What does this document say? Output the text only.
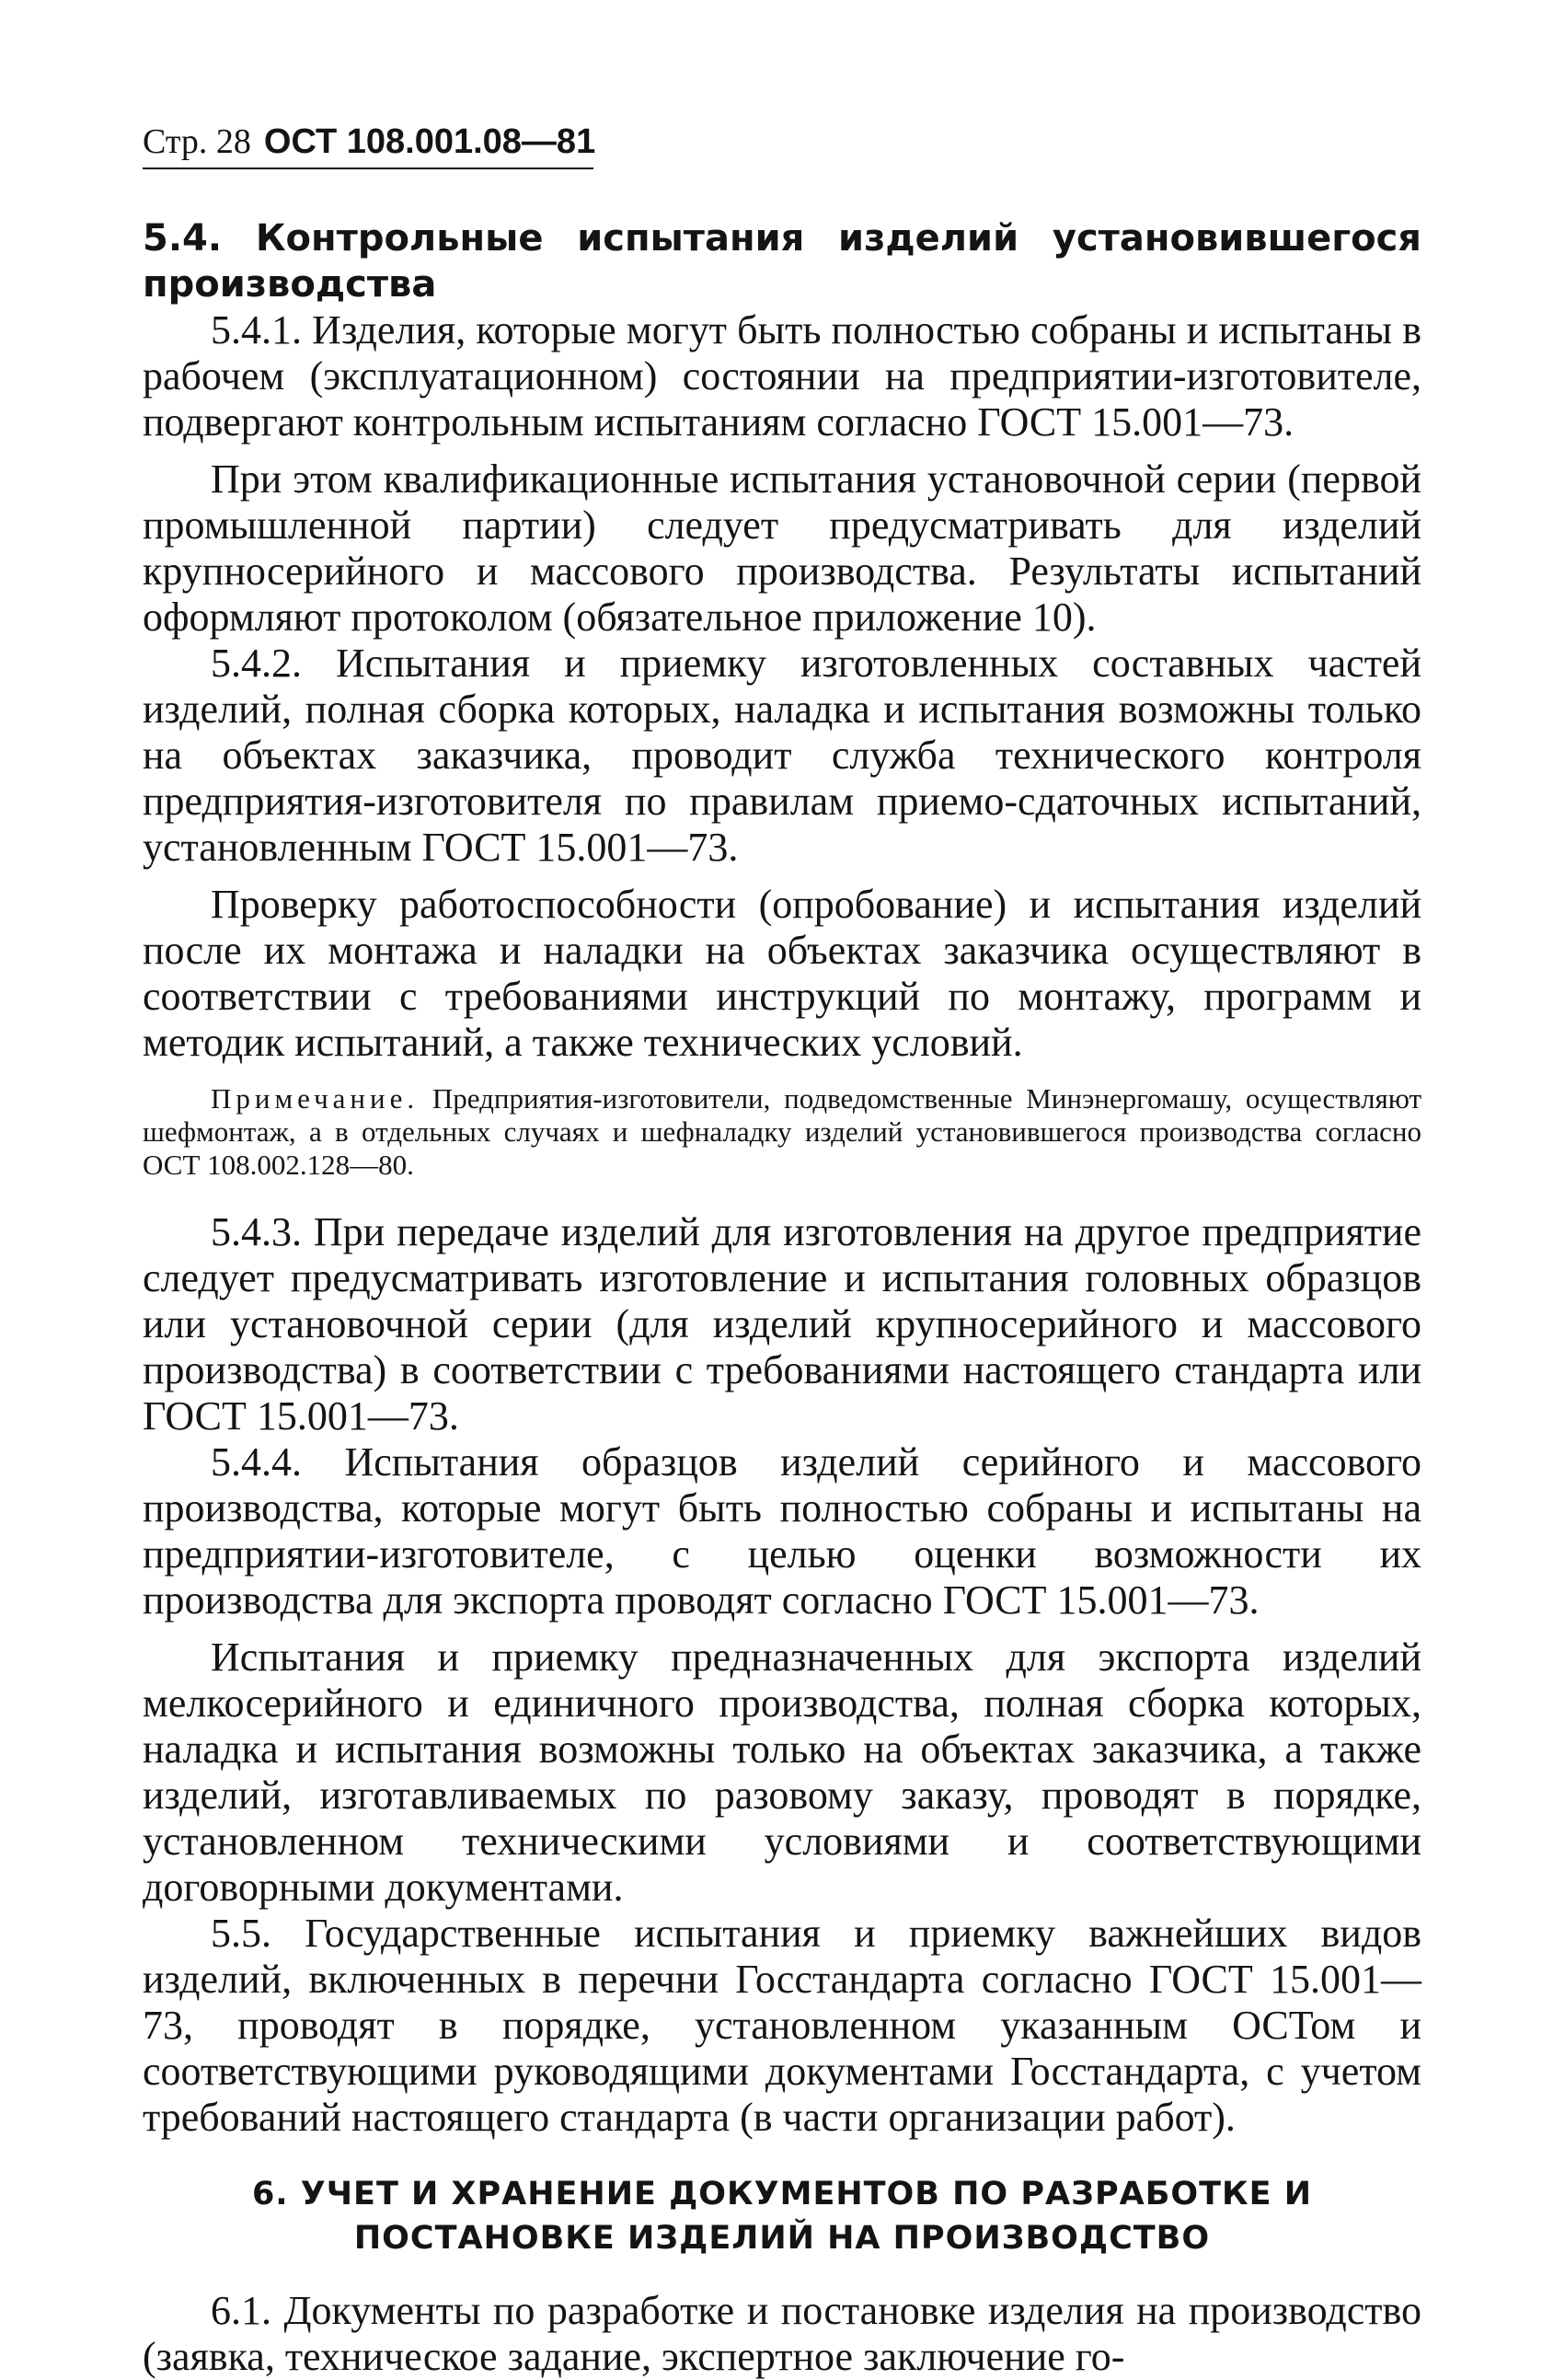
Стр. 28 ОСТ 108.001.08—81
5.4. Контрольные испытания изделий установившегося производства
5.4.1. Изделия, которые могут быть полностью собраны и испытаны в рабочем (эксплуатационном) состоянии на предприятии-изготовителе, подвергают контрольным испытаниям согласно ГОСТ 15.001—73.
При этом квалификационные испытания установочной серии (первой промышленной партии) следует предусматривать для изделий крупносерийного и массового производства. Результаты испытаний оформляют протоколом (обязательное приложение 10).
5.4.2. Испытания и приемку изготовленных составных частей изделий, полная сборка которых, наладка и испытания возможны только на объектах заказчика, проводит служба технического контроля предприятия-изготовителя по правилам приемо-сдаточных испытаний, установленным ГОСТ 15.001—73.
Проверку работоспособности (опробование) и испытания изделий после их монтажа и наладки на объектах заказчика осуществляют в соответствии с требованиями инструкций по монтажу, программ и методик испытаний, а также технических условий.
Примечание. Предприятия-изготовители, подведомственные Минэнергомашу, осуществляют шефмонтаж, а в отдельных случаях и шефналадку изделий установившегося производства согласно ОСТ 108.002.128—80.
5.4.3. При передаче изделий для изготовления на другое предприятие следует предусматривать изготовление и испытания головных образцов или установочной серии (для изделий крупносерийного и массового производства) в соответствии с требованиями настоящего стандарта или ГОСТ 15.001—73.
5.4.4. Испытания образцов изделий серийного и массового производства, которые могут быть полностью собраны и испытаны на предприятии-изготовителе, с целью оценки возможности их производства для экспорта проводят согласно ГОСТ 15.001—73.
Испытания и приемку предназначенных для экспорта изделий мелкосерийного и единичного производства, полная сборка которых, наладка и испытания возможны только на объектах заказчика, а также изделий, изготавливаемых по разовому заказу, проводят в порядке, установленном техническими условиями и соответствующими договорными документами.
5.5. Государственные испытания и приемку важнейших видов изделий, включенных в перечни Госстандарта согласно ГОСТ 15.001—73, проводят в порядке, установленном указанным ОСТом и соответствующими руководящими документами Госстандарта, с учетом требований настоящего стандарта (в части организации работ).
6. УЧЕТ И ХРАНЕНИЕ ДОКУМЕНТОВ ПО РАЗРАБОТКЕ И ПОСТАНОВКЕ ИЗДЕЛИЙ НА ПРОИЗВОДСТВО
6.1. Документы по разработке и постановке изделия на производство (заявка, техническое задание, экспертное заключение го-
